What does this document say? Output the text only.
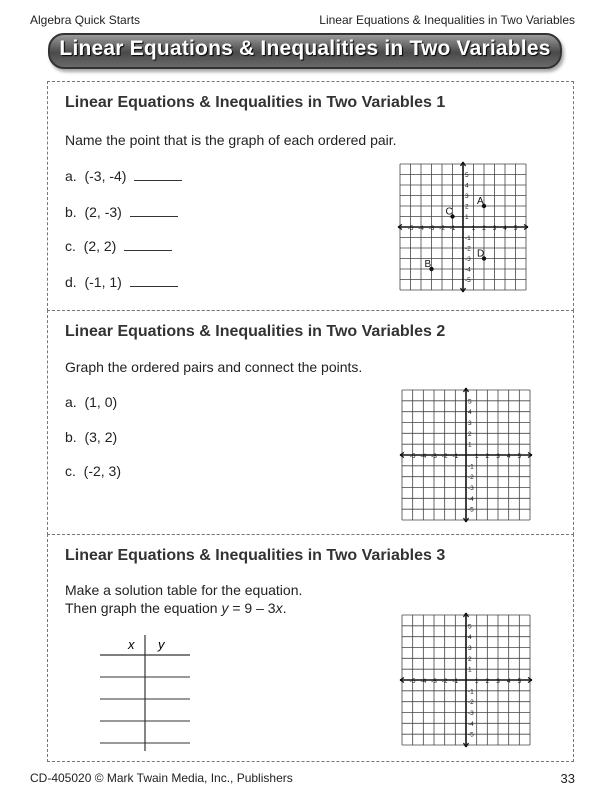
Algebra Quick Starts	Linear Equations & Inequalities in Two Variables
Linear Equations & Inequalities in Two Variables
Linear Equations & Inequalities in Two Variables 1
Name the point that is the graph of each ordered pair.
a. (-3, -4)
b. (2, -3)
c. (2, 2)
d. (-1, 1)
-5 -4 -3 -2 -1	1 2 3 4 5
5
4
3
2
1
-1
-2
-3
-4
-5
A
B
C
D
Linear Equations & Inequalities in Two Variables 2
Graph the ordered pairs and connect the points.
a. (1, 0)
b. (3, 2)
c. (-2, 3)
-5 -4 -3 -2 -1	1 2 3 4 5
5
4
3
2
1
-1
-2
-3
-4
-5
Linear Equations & Inequalities in Two Variables 3
Make a solution table for the equation.
Then graph the equation y = 9 – 3x.
x y
-5 -4 -3 -2 -1	1 2 3 4 5
5
4
3
2
1
-1
-2
-3
-4
-5
CD-405020 © Mark Twain Media, Inc., Publishers	33
